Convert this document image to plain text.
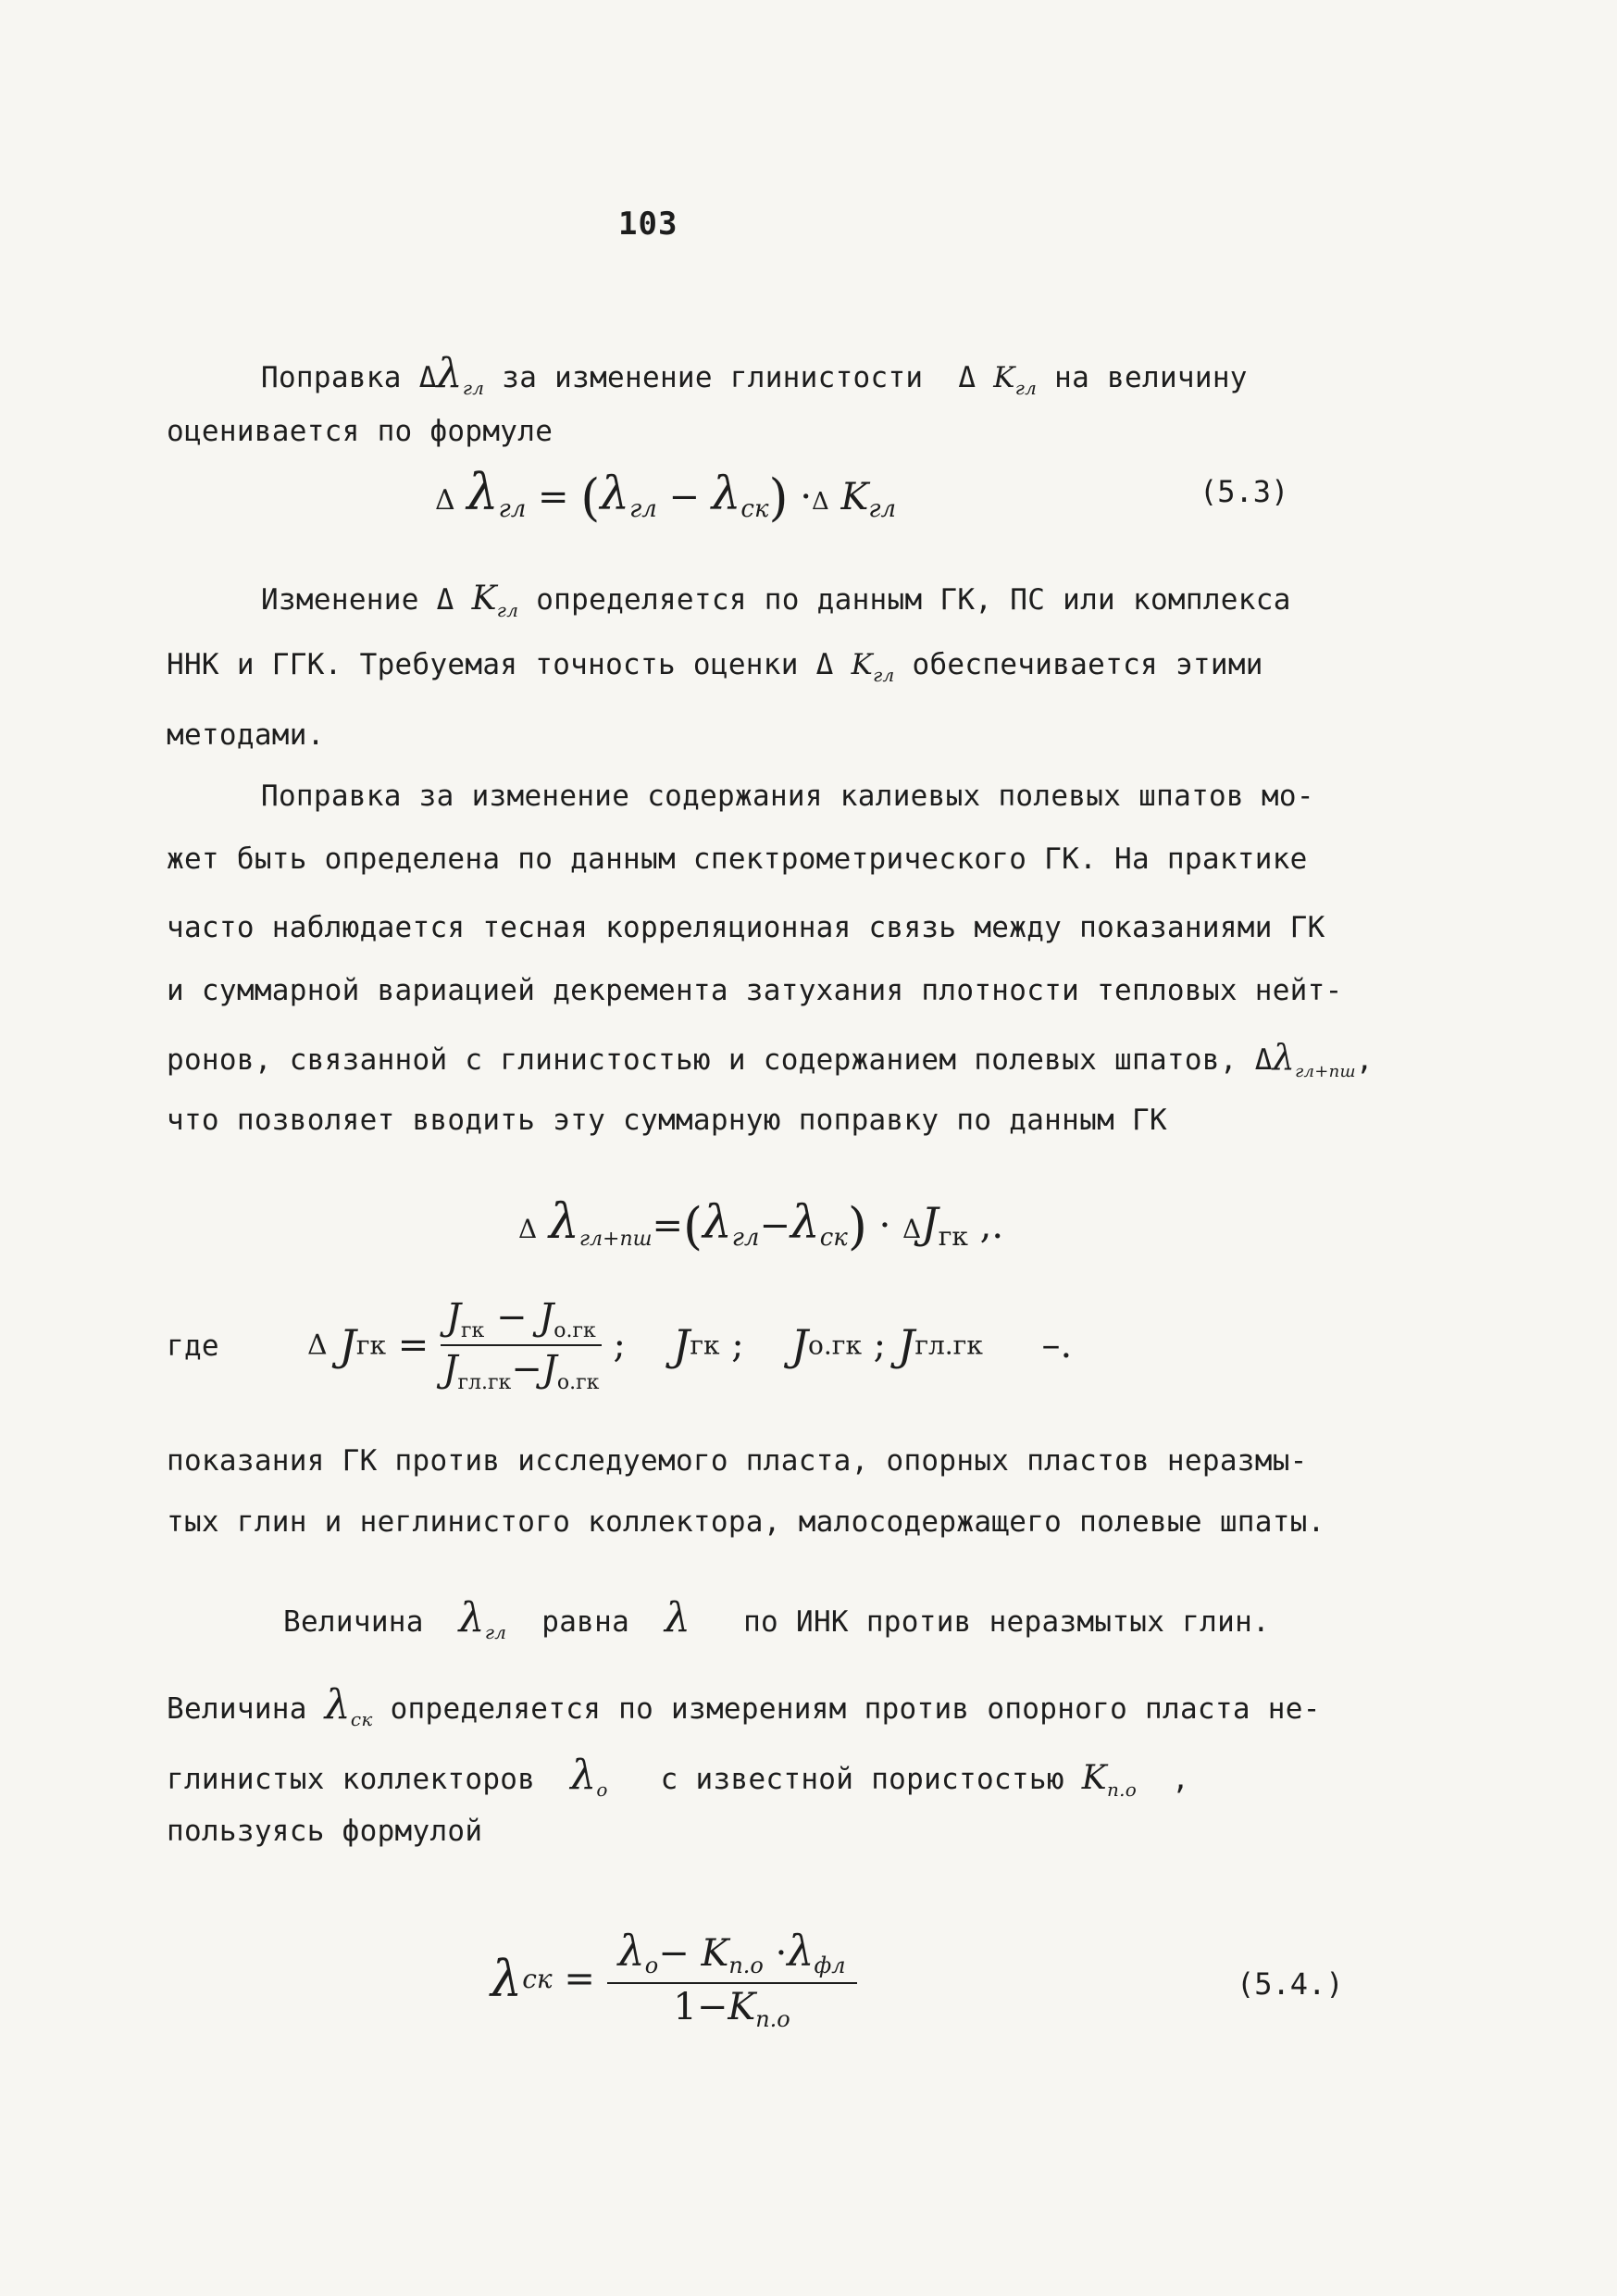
103
Поправка $\Delta\lambda_{гл}$ за изменение глинистости Δ $K_{гл}$ на величину
оценивается по формуле
Δ $\lambda_{гл} = (\lambda_{гл} - \lambda_{ск}) \cdot\Delta$ $K_{гл}$	(5.3)
Изменение Δ $K_{гл}$ определяется по данным ГК, ПС или комплекса
ННК и ГГК. Требуемая точность оценки Δ $K_{гл}$ обеспечивается этими
методами.
Поправка за изменение содержания калиевых полевых шпатов мо-
жет быть определена по данным спектрометрического ГК. На практике
часто наблюдается тесная корреляционная связь между показаниями ГК
и суммарной вариацией декремента затухания плотности тепловых нейт-
ронов, связанной с глинистостью и содержанием полевых шпатов, $\Delta\lambda_{гл+пш}$,
что позволяет вводить эту суммарную поправку по данным ГК
Δ $\lambda_{гл+пш}=(\lambda_{гл}-\lambda_{ск}) \cdot \Delta J_{гк}$ ,.
где	Δ Jгк = $\frac{J_{гк} - J_{о.гк}}{J_{гл.гк}-J_{о.гк}}$ ; Jгк ; Jо.гк ; Jгл.гк –.
показания ГК против исследуемого пласта, опорных пластов неразмы-
тых глин и неглинистого коллектора, малосодержащего полевые шпаты.
Величина $\lambda_{гл}$ равна λ по ИНК против неразмытых глин.
Величина $\lambda_{ск}$ определяется по измерениям против опорного пласта не-
глинистых коллекторов $\lambda_о$ с известной пористостью $K_{п.о}$ ,
пользуясь формулой
$\lambda ск = \frac{\lambda_о- K_{п.о} \cdot\lambda_{фл}}{1-K_{п.о}}$	(5.4.)
